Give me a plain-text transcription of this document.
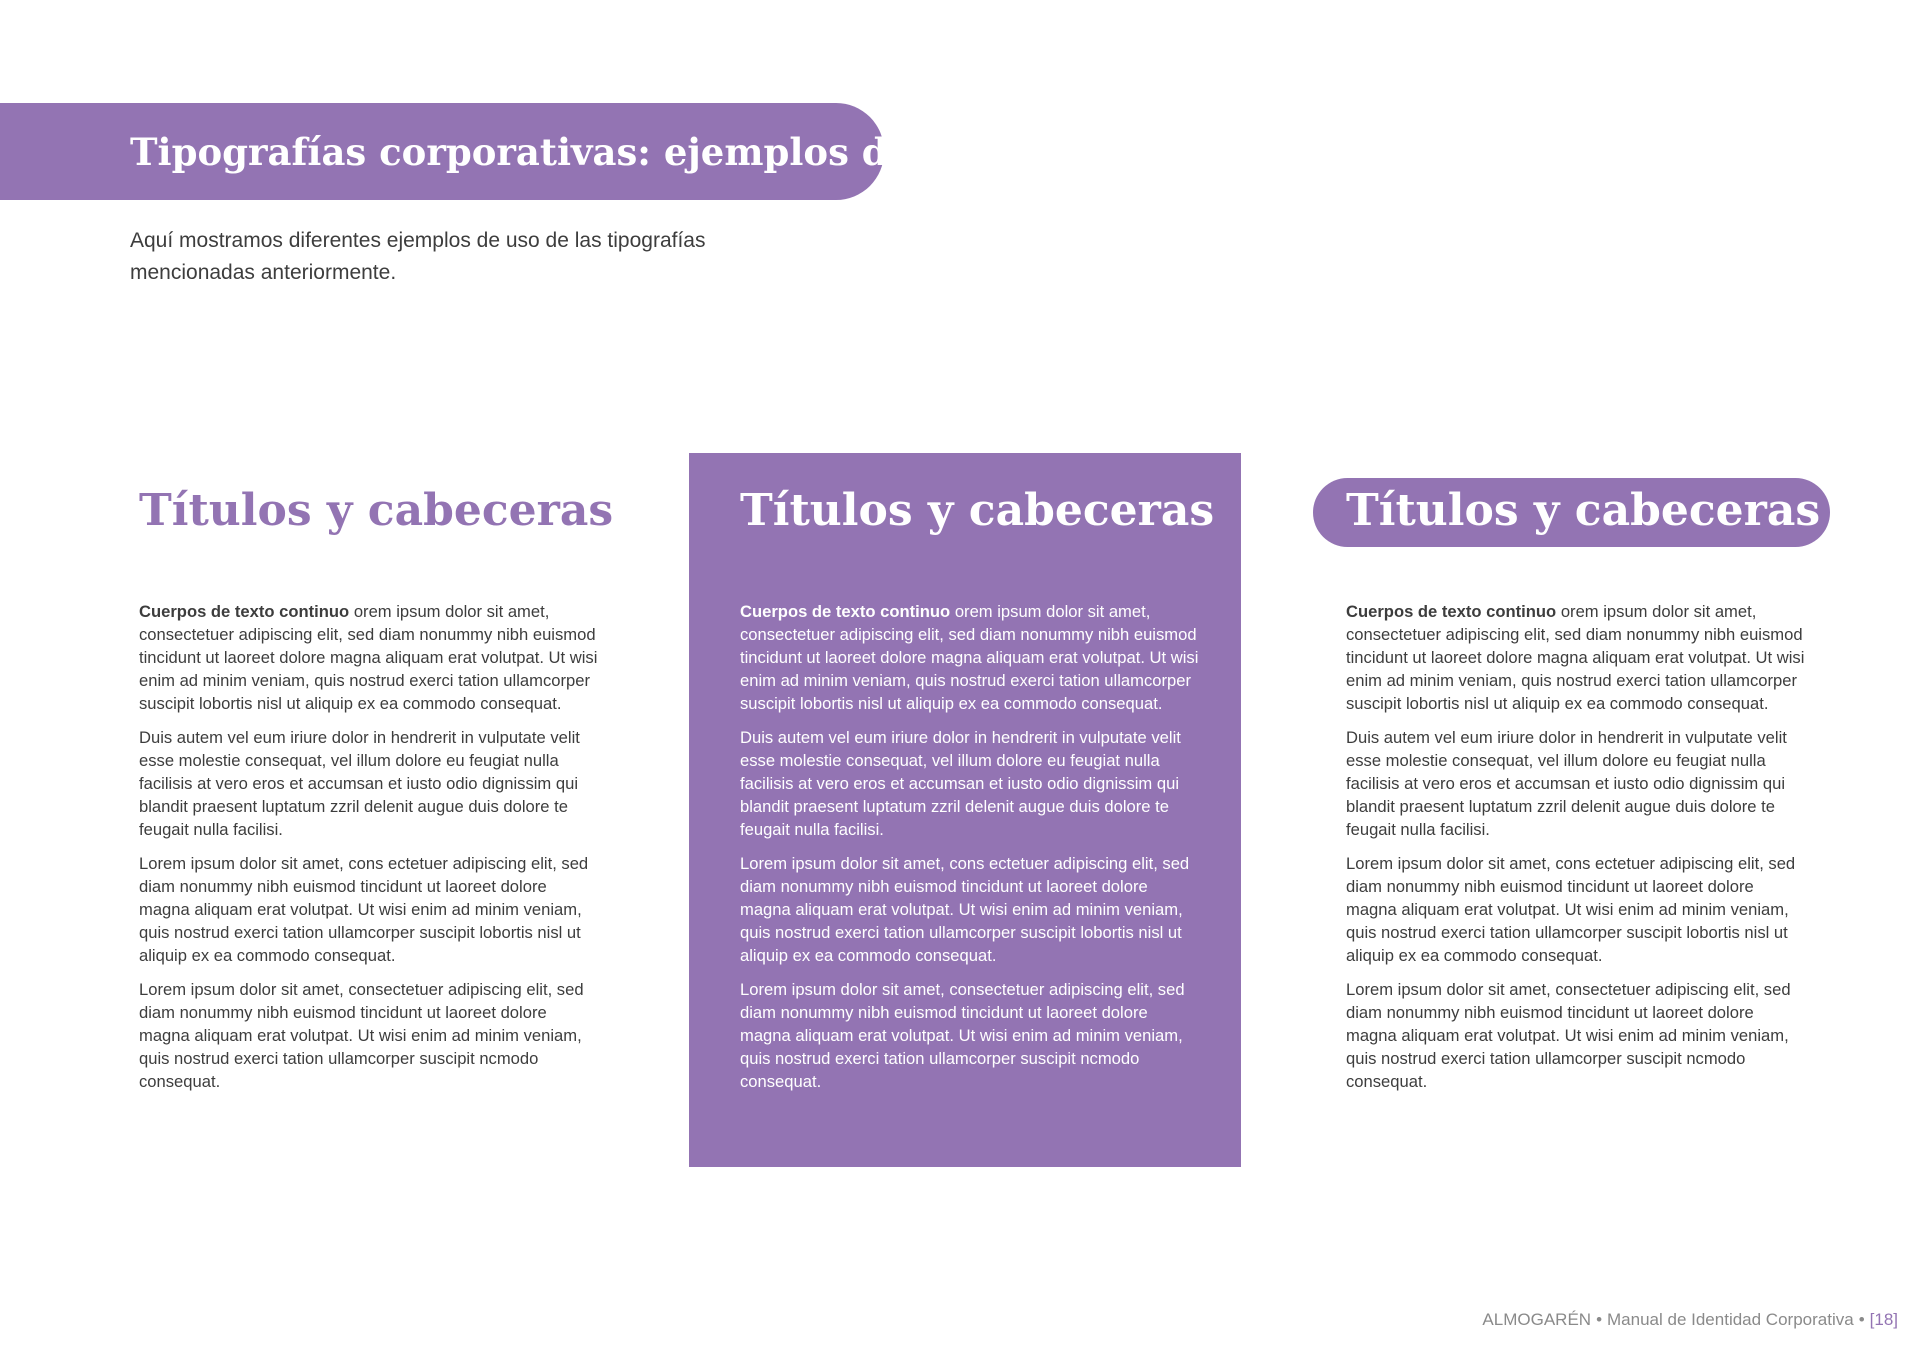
Tipografías corporativas: ejemplos de uso

Aquí mostramos diferentes ejemplos de uso de las tipografías mencionadas anteriormente.

Títulos y cabeceras

Cuerpos de texto continuo orem ipsum dolor sit amet, consectetuer adipiscing elit, sed diam nonummy nibh euismod tincidunt ut laoreet dolore magna aliquam erat volutpat. Ut wisi enim ad minim veniam, quis nostrud exerci tation ullamcorper suscipit lobortis nisl ut aliquip ex ea commodo consequat.

Duis autem vel eum iriure dolor in hendrerit in vulputate velit esse molestie consequat, vel illum dolore eu feugiat nulla facilisis at vero eros et accumsan et iusto odio dignissim qui blandit praesent luptatum zzril delenit augue duis dolore te feugait nulla facilisi.

Lorem ipsum dolor sit amet, cons ectetuer adipiscing elit, sed diam nonummy nibh euismod tincidunt ut laoreet dolore magna aliquam erat volutpat. Ut wisi enim ad minim veniam, quis nostrud exerci tation ullamcorper suscipit lobortis nisl ut aliquip ex ea commodo consequat.

Lorem ipsum dolor sit amet, consectetuer adipiscing elit, sed diam nonummy nibh euismod tincidunt ut laoreet dolore magna aliquam erat volutpat. Ut wisi enim ad minim veniam, quis nostrud exerci tation ullamcorper suscipit ncmodo consequat.

Títulos y cabeceras

Cuerpos de texto continuo orem ipsum dolor sit amet, consectetuer adipiscing elit, sed diam nonummy nibh euismod tincidunt ut laoreet dolore magna aliquam erat volutpat. Ut wisi enim ad minim veniam, quis nostrud exerci tation ullamcorper suscipit lobortis nisl ut aliquip ex ea commodo consequat.

Duis autem vel eum iriure dolor in hendrerit in vulputate velit esse molestie consequat, vel illum dolore eu feugiat nulla facilisis at vero eros et accumsan et iusto odio dignissim qui blandit praesent luptatum zzril delenit augue duis dolore te feugait nulla facilisi.

Lorem ipsum dolor sit amet, cons ectetuer adipiscing elit, sed diam nonummy nibh euismod tincidunt ut laoreet dolore magna aliquam erat volutpat. Ut wisi enim ad minim veniam, quis nostrud exerci tation ullamcorper suscipit lobortis nisl ut aliquip ex ea commodo consequat.

Lorem ipsum dolor sit amet, consectetuer adipiscing elit, sed diam nonummy nibh euismod tincidunt ut laoreet dolore magna aliquam erat volutpat. Ut wisi enim ad minim veniam, quis nostrud exerci tation ullamcorper suscipit ncmodo consequat.

Títulos y cabeceras

Cuerpos de texto continuo orem ipsum dolor sit amet, consectetuer adipiscing elit, sed diam nonummy nibh euismod tincidunt ut laoreet dolore magna aliquam erat volutpat. Ut wisi enim ad minim veniam, quis nostrud exerci tation ullamcorper suscipit lobortis nisl ut aliquip ex ea commodo consequat.

Duis autem vel eum iriure dolor in hendrerit in vulputate velit esse molestie consequat, vel illum dolore eu feugiat nulla facilisis at vero eros et accumsan et iusto odio dignissim qui blandit praesent luptatum zzril delenit augue duis dolore te feugait nulla facilisi.

Lorem ipsum dolor sit amet, cons ectetuer adipiscing elit, sed diam nonummy nibh euismod tincidunt ut laoreet dolore magna aliquam erat volutpat. Ut wisi enim ad minim veniam, quis nostrud exerci tation ullamcorper suscipit lobortis nisl ut aliquip ex ea commodo consequat.

Lorem ipsum dolor sit amet, consectetuer adipiscing elit, sed diam nonummy nibh euismod tincidunt ut laoreet dolore magna aliquam erat volutpat. Ut wisi enim ad minim veniam, quis nostrud exerci tation ullamcorper suscipit ncmodo consequat.

ALMOGARÉN • Manual de Identidad Corporativa • [18]
